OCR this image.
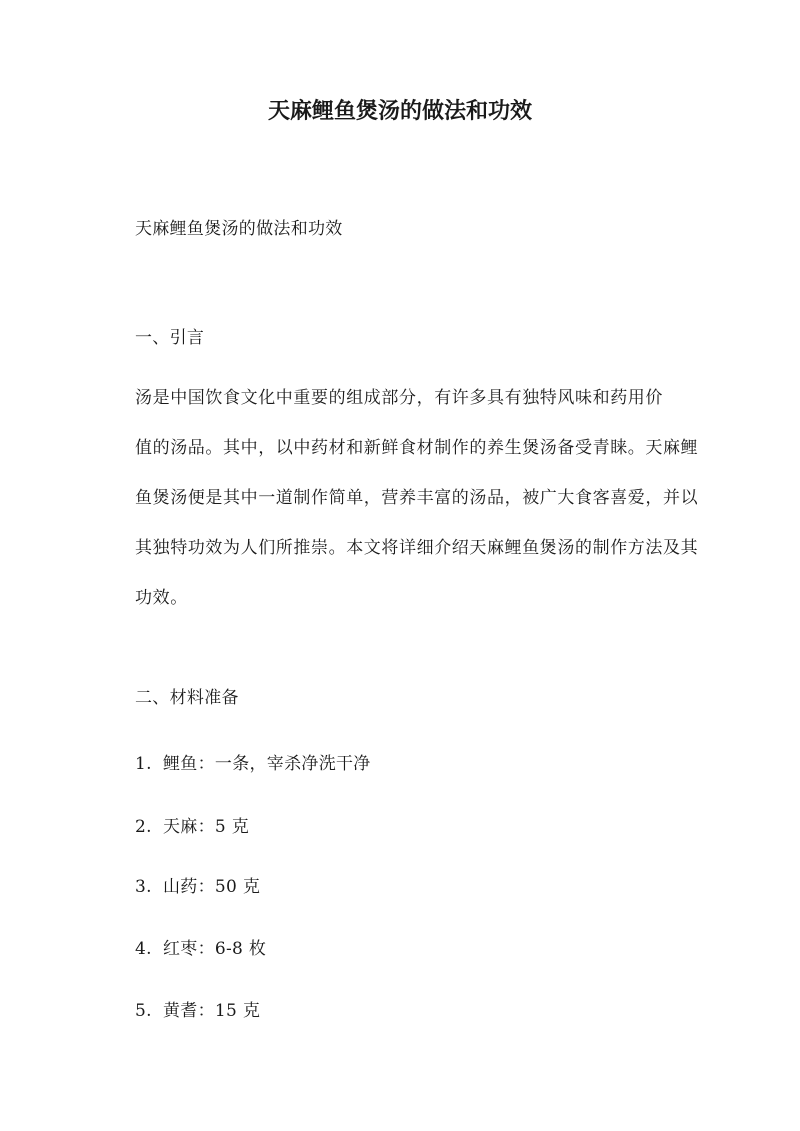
天麻鲤鱼煲汤的做法和功效

天麻鲤鱼煲汤的做法和功效

一、引言

汤是中国饮食文化中重要的组成部分，有许多具有独特风味和药用价
值的汤品。其中，以中药材和新鲜食材制作的养生煲汤备受青睐。天麻鲤
鱼煲汤便是其中一道制作简单，营养丰富的汤品，被广大食客喜爱，并以
其独特功效为人们所推崇。本文将详细介绍天麻鲤鱼煲汤的制作方法及其
功效。

二、材料准备

1. 鲤鱼：一条，宰杀净洗干净

2. 天麻：5 克

3. 山药：50 克

4. 红枣：6-8 枚

5. 黄耆：15 克
